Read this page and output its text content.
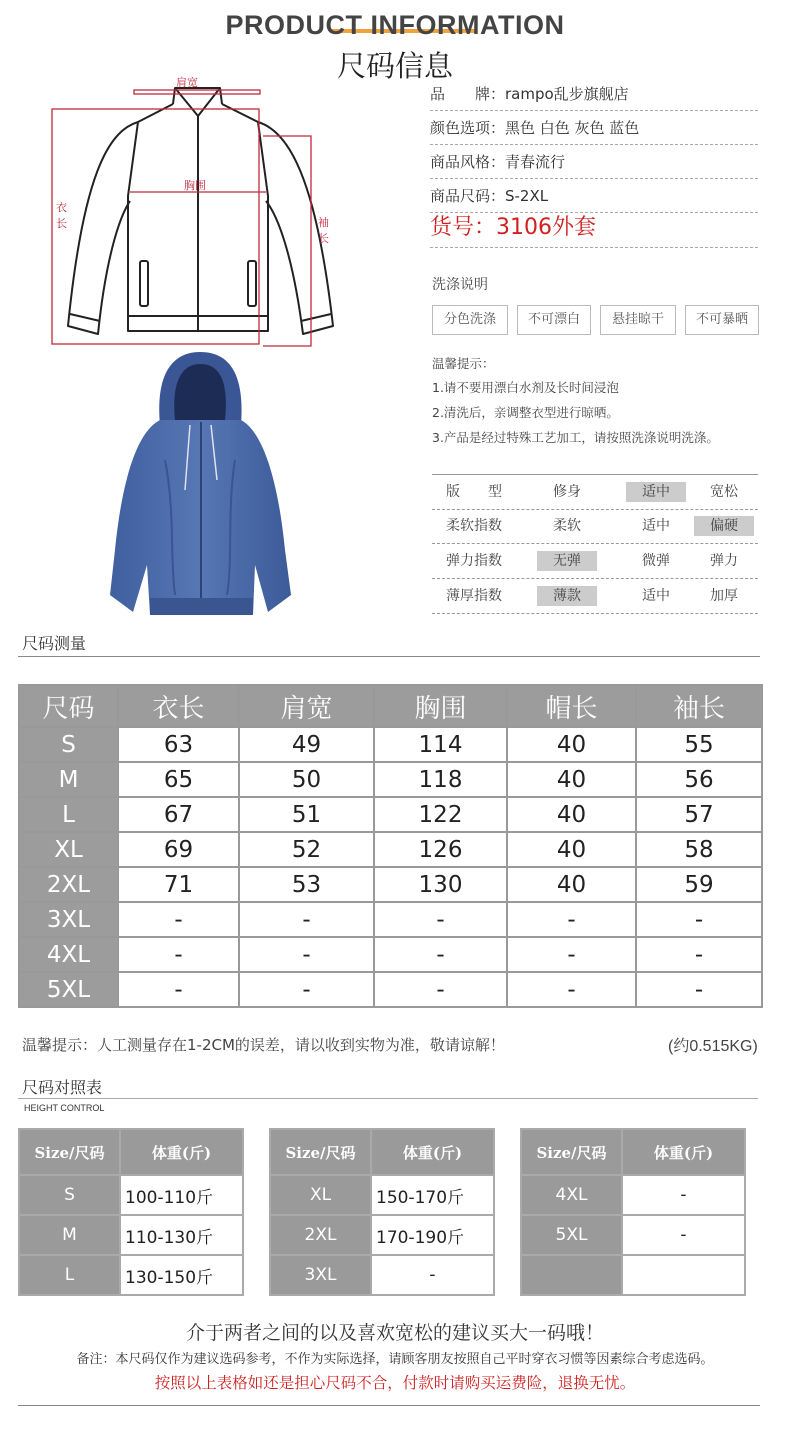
PRODUCT INFORMATION
尺码信息
肩宽
胸围
衣长	袖长
品　　牌：rampo乱步旗舰店
颜色选项：黑色 白色 灰色 蓝色
商品风格：青春流行
商品尺码：S-2XL
货号：3106外套
洗涤说明
分色洗涤	不可漂白	悬挂晾干	不可暴晒
温馨提示：
1.请不要用漂白水剂及长时间浸泡
2.清洗后，亲调整衣型进行晾晒。
3.产品是经过特殊工艺加工，请按照洗涤说明洗涤。
版　　型	修身	适中	宽松
柔软指数	柔软	适中	偏硬
弹力指数	无弹	微弹	弹力
薄厚指数	薄款	适中	加厚
尺码测量
尺码	衣长	肩宽	胸围	帽长	袖长
S	63	49	114	40	55
M	65	50	118	40	56
L	67	51	122	40	57
XL	69	52	126	40	58
2XL	71	53	130	40	59
3XL	-	-	-	-	-
4XL	-	-	-	-	-
5XL	-	-	-	-	-
温馨提示：人工测量存在1-2CM的误差，请以收到实物为准，敬请谅解！	(约0.515KG)
尺码对照表
HEIGHT CONTROL
Size/尺码	体重(斤)
S	100-110斤
M	110-130斤
L	130-150斤
Size/尺码	体重(斤)
XL	150-170斤
2XL	170-190斤
3XL	-
Size/尺码	体重(斤)
4XL	-
5XL	-

介于两者之间的以及喜欢宽松的建议买大一码哦！
备注：本尺码仅作为建议选码参考，不作为实际选择，请顾客朋友按照自己平时穿衣习惯等因素综合考虑选码。
按照以上表格如还是担心尺码不合，付款时请购买运费险，退换无忧。
